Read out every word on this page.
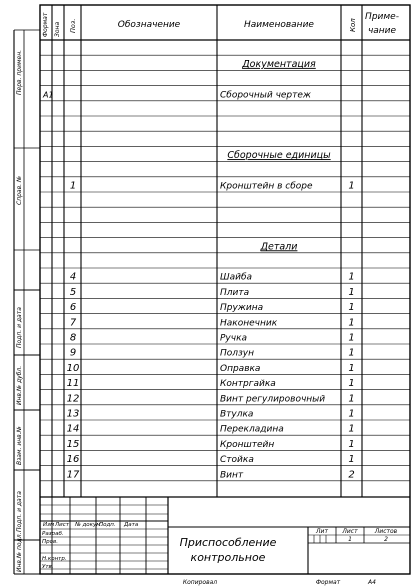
Формат Зона Поз.	Обозначение	Наименование	Кол
Приме-
чание
Документация
А1	Сборочный чертеж
Сборочные единицы
1	Кронштейн в сборе	1
Детали
4	Шайба	1
5	Плита	1
6	Пружина	1
7	Наконечник	1
8	Ручка	1
9	Ползун	1
10	Оправка	1
11	Контргайка	1
12	Винт регулировочный 1
13	Втулка	1
14	Перекладина	1
15	Кронштейн	1
16	Стойка	1
17	Винт	2
Перв. примен.
Справ. №
Подп. и дата
Инв.№ дубл.
Взам. инв.№
Подп. и дата
Инв.№ подл.
Изм Лист № докум.
Подп. Дата
Разраб.
Пров.
Н.контр.
Утв.
Приспособление
контрольное
Лит Лист	Листов
1	2
Копировал	Формат	А4
